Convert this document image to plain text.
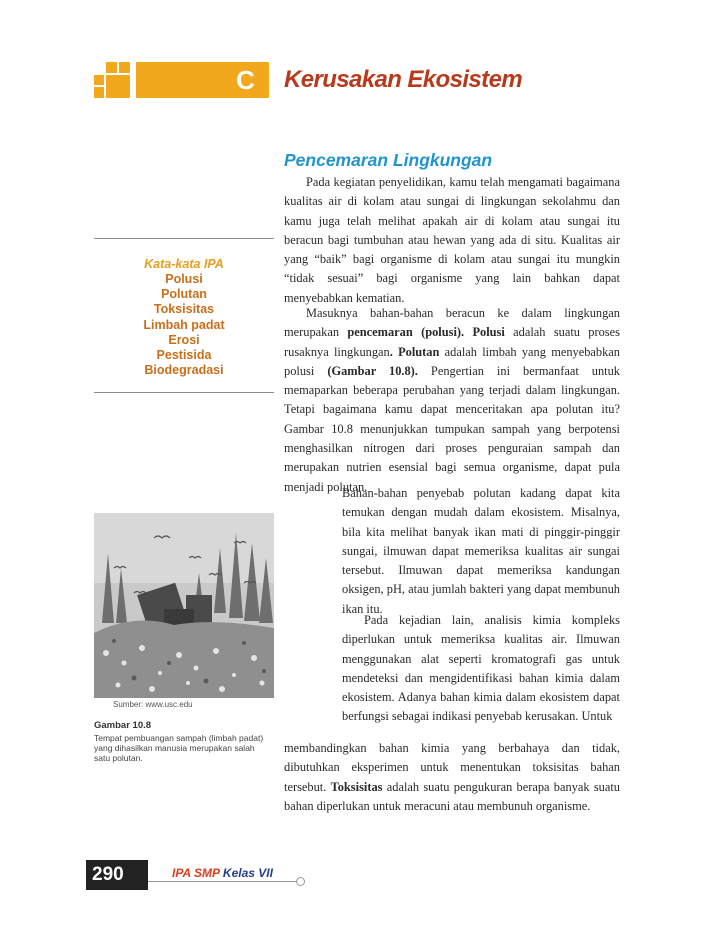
C	Kerusakan Ekosistem
Kata-kata IPA
Polusi
Polutan
Toksisitas
Limbah padat
Erosi
Pestisida
Biodegradasi
Sumber: www.usc.edu
Gambar 10.8
Tempat pembuangan sampah (limbah padat) yang dihasilkan manusia merupakan salah satu polutan.
Pencemaran Lingkungan

Pada kegiatan penyelidikan, kamu telah mengamati bagaimana kualitas air di kolam atau sungai di lingkungan sekolahmu dan kamu juga telah melihat apakah air di kolam atau sungai itu beracun bagi tumbuhan atau hewan yang ada di situ. Kualitas air yang “baik” bagi organisme di kolam atau sungai itu mungkin “tidak sesuai” bagi organisme yang lain bahkan dapat menyebabkan kematian.

Masuknya bahan-bahan beracun ke dalam lingkungan merupakan pencemaran (polusi). Polusi adalah suatu proses rusaknya lingkungan. Polutan adalah limbah yang menyebabkan polusi (Gambar 10.8). Pengertian ini bermanfaat untuk memaparkan beberapa perubahan yang terjadi dalam lingkungan. Tetapi bagaimana kamu dapat menceritakan apa polutan itu? Gambar 10.8 menunjukkan tumpukan sampah yang berpotensi menghasilkan nitrogen dari proses penguraian sampah dan merupakan nutrien esensial bagi semua organisme, dapat pula menjadi polutan.

Bahan-bahan penyebab polutan kadang dapat kita temukan dengan mudah dalam ekosistem. Misalnya, bila kita melihat banyak ikan mati di pinggir-pinggir sungai, ilmuwan dapat memeriksa kualitas air sungai tersebut. Ilmuwan dapat memeriksa kandungan oksigen, pH, atau jumlah bakteri yang dapat membunuh ikan itu.

Pada kejadian lain, analisis kimia kompleks diperlukan untuk memeriksa kualitas air. Ilmuwan menggunakan alat seperti kromatografi gas untuk mendeteksi dan mengidentifikasi bahan kimia dalam ekosistem. Adanya bahan kimia dalam ekosistem dapat berfungsi sebagai indikasi penyebab kerusakan. Untuk

membandingkan bahan kimia yang berbahaya dan tidak, dibutuhkan eksperimen untuk menentukan toksisitas bahan tersebut. Toksisitas adalah suatu pengukuran berapa banyak suatu bahan diperlukan untuk meracuni atau membunuh organisme.

290	IPA SMP Kelas VII
